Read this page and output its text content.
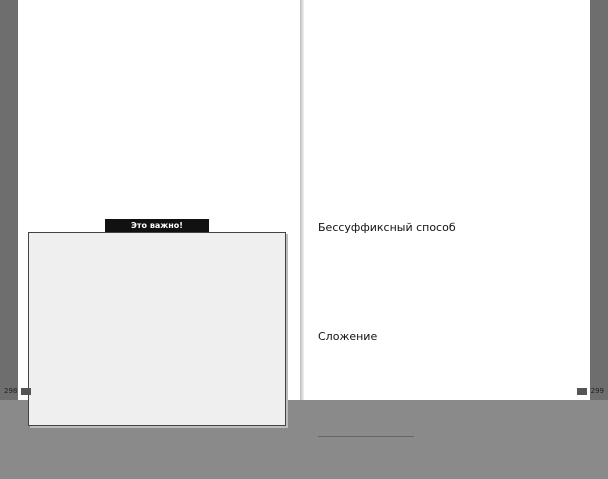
Это важно!
298
Бессуффиксный способ
Сложение
299
